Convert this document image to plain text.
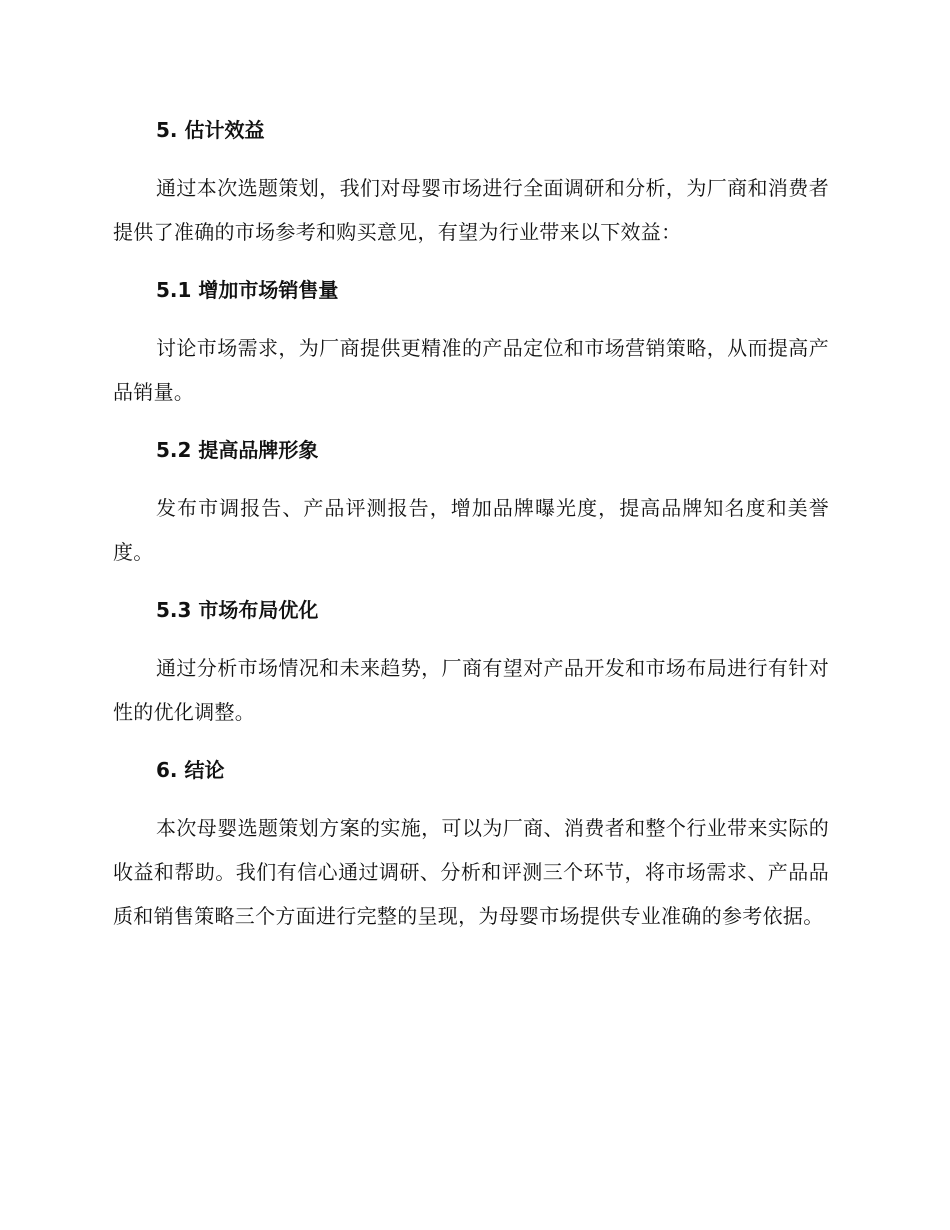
5. 估计效益

通过本次选题策划，我们对母婴市场进行全面调研和分析，为厂商和消费者提供了准确的市场参考和购买意见，有望为行业带来以下效益：

5.1 增加市场销售量

讨论市场需求，为厂商提供更精准的产品定位和市场营销策略，从而提高产品销量。

5.2 提高品牌形象

发布市调报告、产品评测报告，增加品牌曝光度，提高品牌知名度和美誉度。

5.3 市场布局优化

通过分析市场情况和未来趋势，厂商有望对产品开发和市场布局进行有针对性的优化调整。

6. 结论

本次母婴选题策划方案的实施，可以为厂商、消费者和整个行业带来实际的收益和帮助。我们有信心通过调研、分析和评测三个环节，将市场需求、产品品质和销售策略三个方面进行完整的呈现，为母婴市场提供专业准确的参考依据。
